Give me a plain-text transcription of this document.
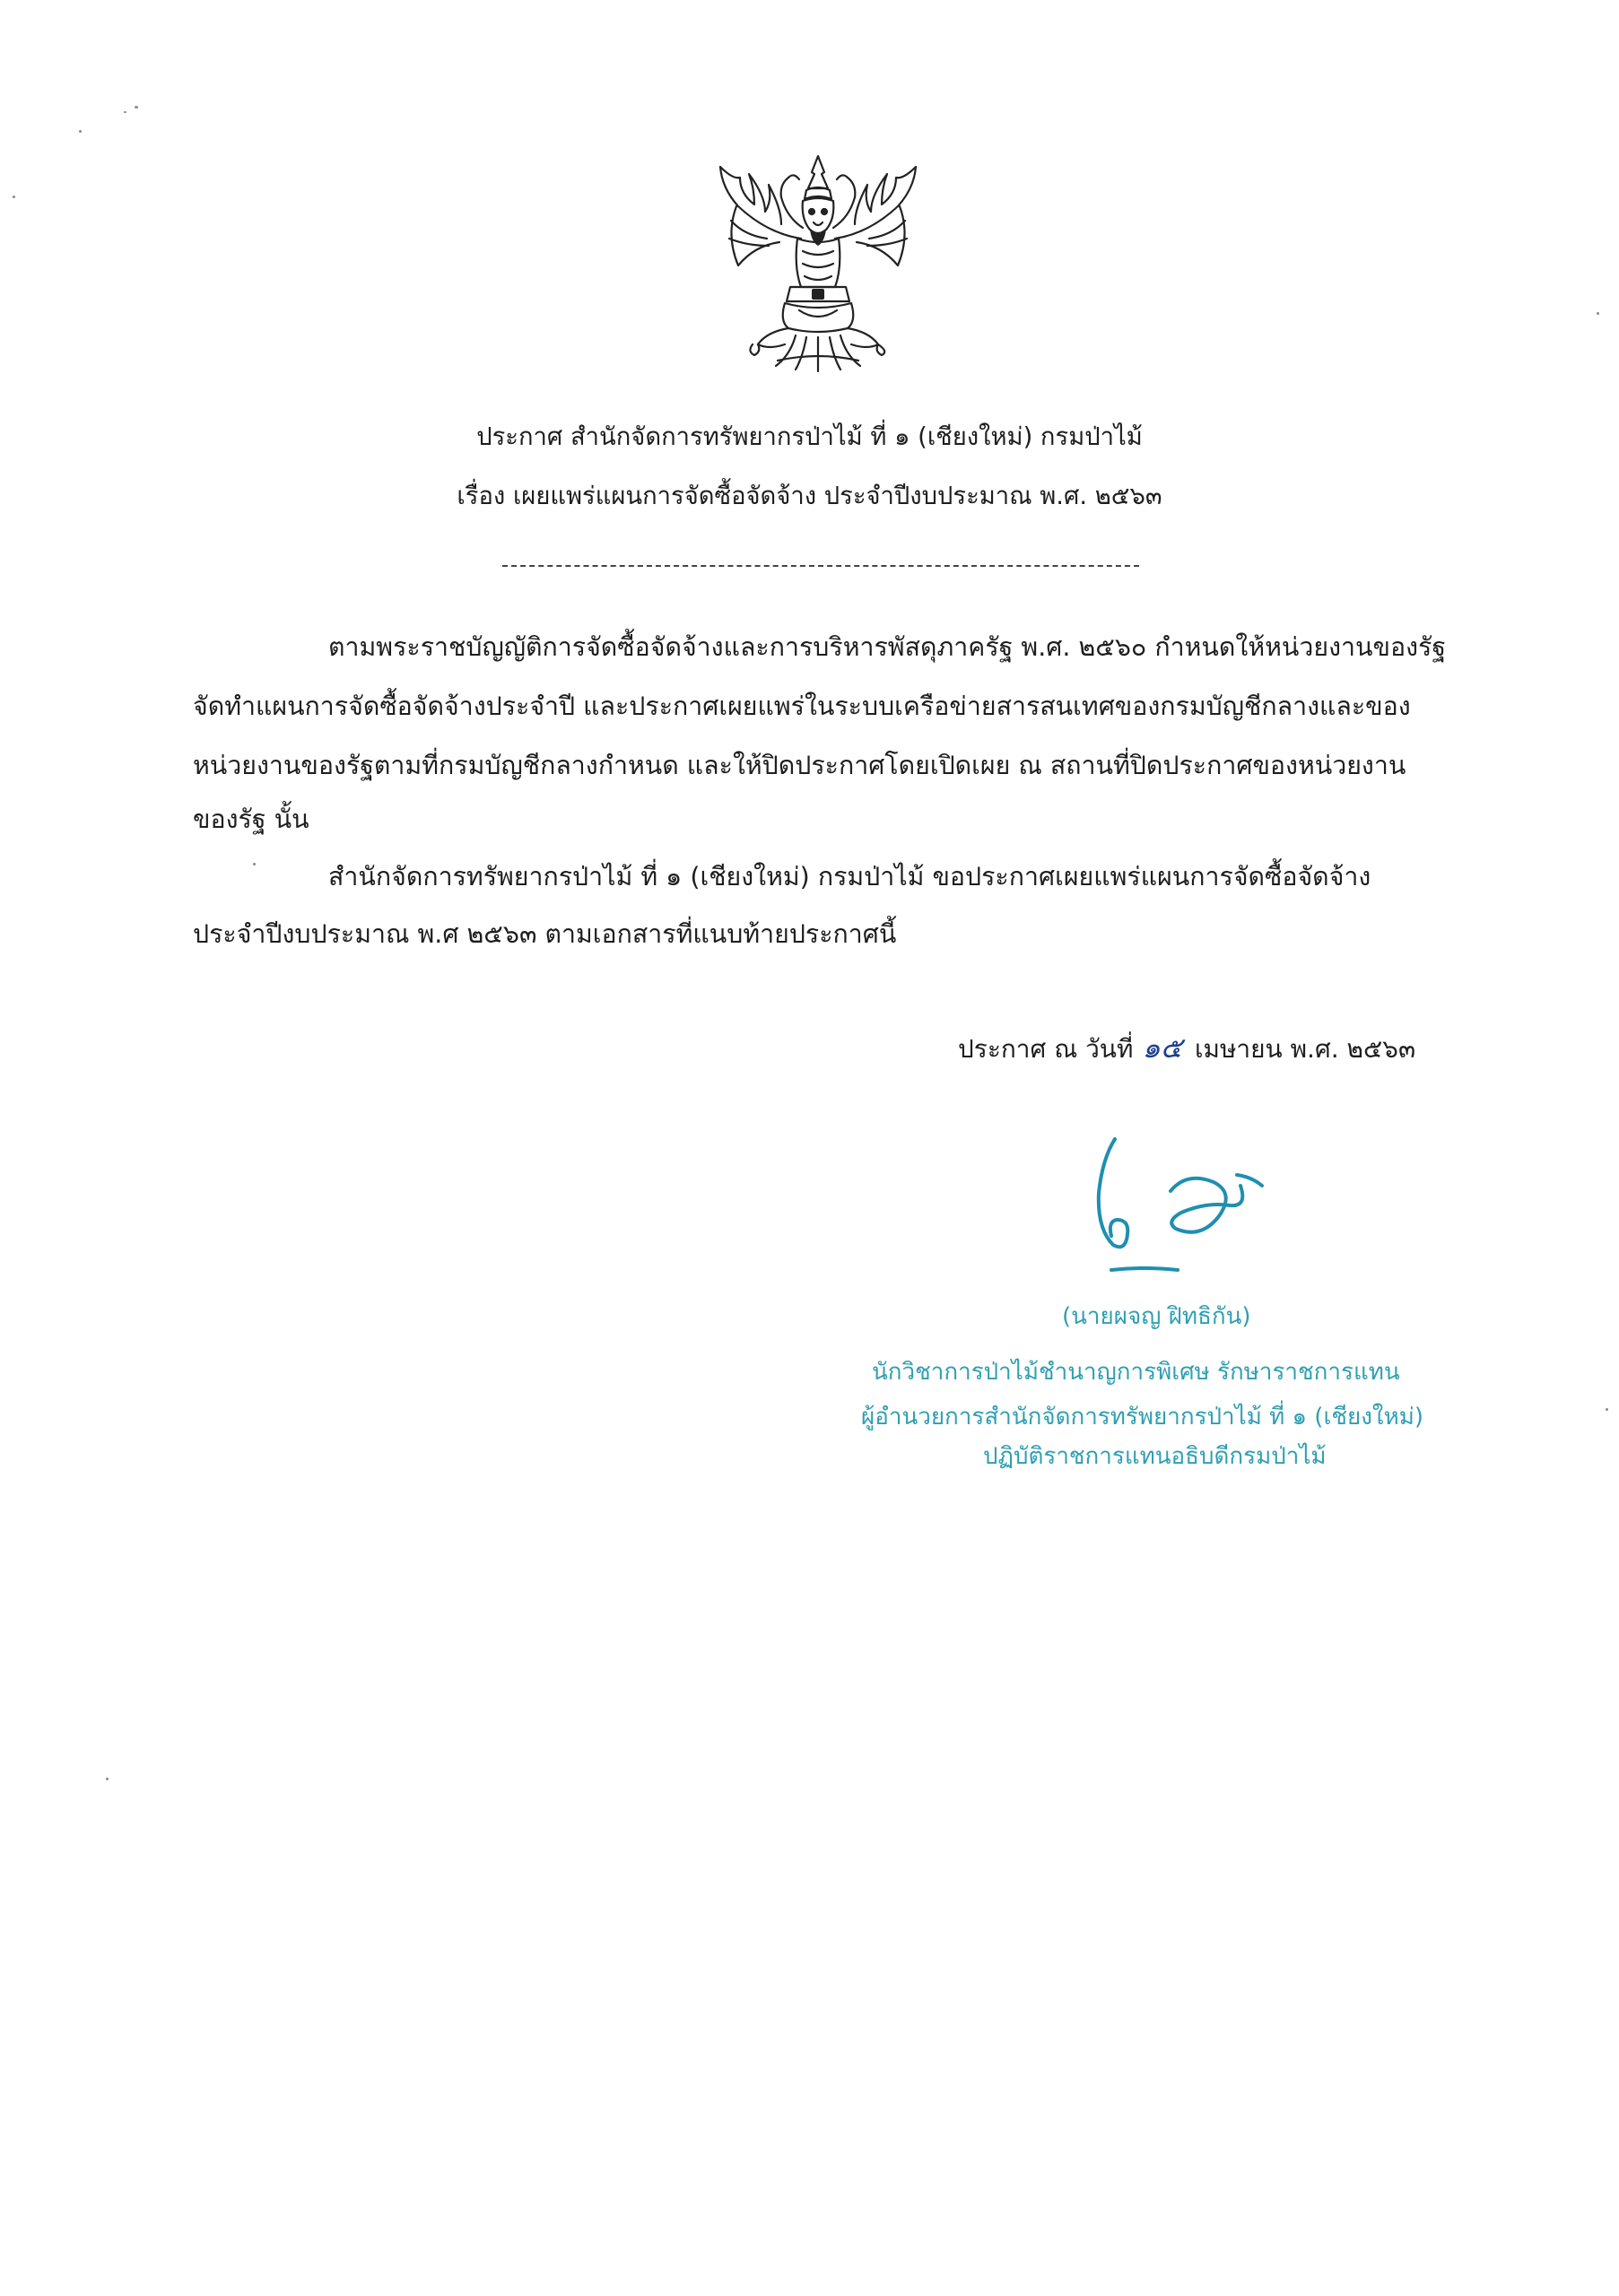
ประกาศ สำนักจัดการทรัพยากรป่าไม้ ที่ ๑ (เชียงใหม่) กรมป่าไม้
เรื่อง เผยแพร่แผนการจัดซื้อจัดจ้าง ประจำปีงบประมาณ พ.ศ. ๒๕๖๓
ตามพระราชบัญญัติการจัดซื้อจัดจ้างและการบริหารพัสดุภาครัฐ พ.ศ. ๒๕๖๐ กำหนดให้หน่วยงานของรัฐ
จัดทำแผนการจัดซื้อจัดจ้างประจำปี และประกาศเผยแพร่ในระบบเครือข่ายสารสนเทศของกรมบัญชีกลางและของ
หน่วยงานของรัฐตามที่กรมบัญชีกลางกำหนด และให้ปิดประกาศโดยเปิดเผย ณ สถานที่ปิดประกาศของหน่วยงาน
ของรัฐ นั้น
สำนักจัดการทรัพยากรป่าไม้ ที่ ๑ (เชียงใหม่) กรมป่าไม้ ขอประกาศเผยแพร่แผนการจัดซื้อจัดจ้าง
ประจำปีงบประมาณ พ.ศ ๒๕๖๓ ตามเอกสารที่แนบท้ายประกาศนี้
ประกาศ ณ วันที่ ๑๕ เมษายน พ.ศ. ๒๕๖๓
(นายผจญ ฝิทธิกัน)
นักวิชาการป่าไม้ชำนาญการพิเศษ รักษาราชการแทน
ผู้อำนวยการสำนักจัดการทรัพยากรป่าไม้ ที่ ๑ (เชียงใหม่)
ปฏิบัติราชการแทนอธิบดีกรมป่าไม้
